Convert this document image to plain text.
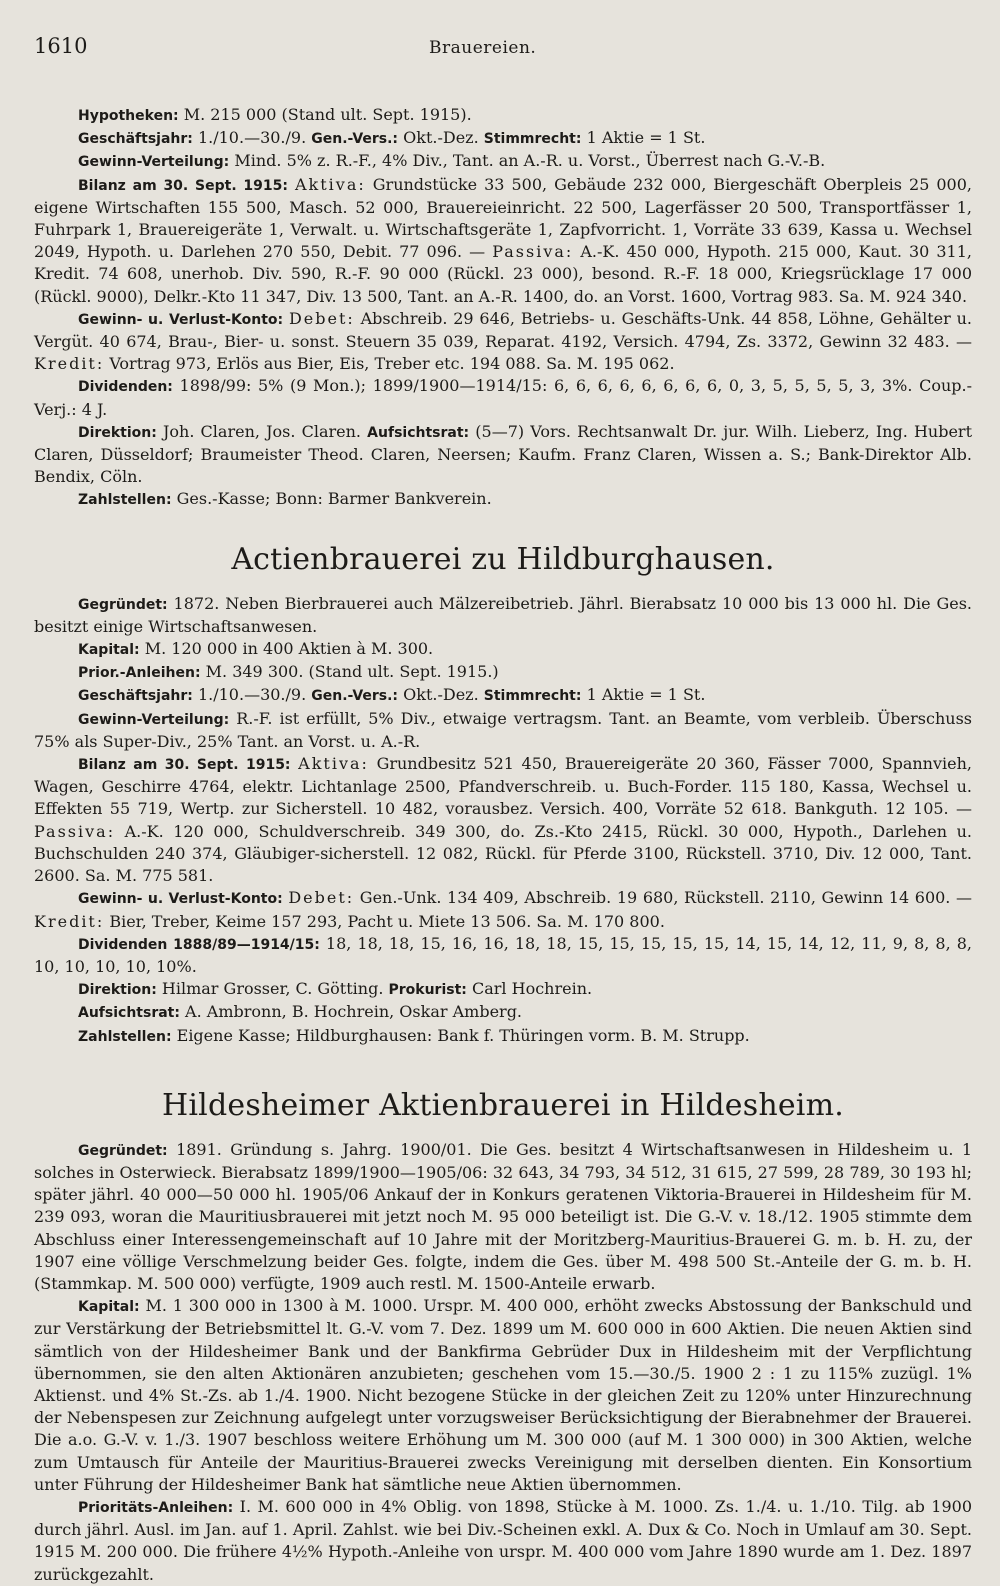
1610	Brauereien.

Hypotheken: M. 215 000 (Stand ult. Sept. 1915).

Geschäftsjahr: 1./10.—30./9. Gen.-Vers.: Okt.-Dez. Stimmrecht: 1 Aktie = 1 St.

Gewinn-Verteilung: Mind. 5% z. R.-F., 4% Div., Tant. an A.-R. u. Vorst., Überrest nach G.-V.-B.

Bilanz am 30. Sept. 1915: Aktiva: Grundstücke 33 500, Gebäude 232 000, Biergeschäft Oberpleis 25 000, eigene Wirtschaften 155 500, Masch. 52 000, Brauereieinricht. 22 500, Lagerfässer 20 500, Transportfässer 1, Fuhrpark 1, Brauereigeräte 1, Verwalt. u. Wirtschaftsgeräte 1, Zapfvorricht. 1, Vorräte 33 639, Kassa u. Wechsel 2049, Hypoth. u. Darlehen 270 550, Debit. 77 096. — Passiva: A.-K. 450 000, Hypoth. 215 000, Kaut. 30 311, Kredit. 74 608, unerhob. Div. 590, R.-F. 90 000 (Rückl. 23 000), besond. R.-F. 18 000, Kriegsrücklage 17 000 (Rückl. 9000), Delkr.-Kto 11 347, Div. 13 500, Tant. an A.-R. 1400, do. an Vorst. 1600, Vortrag 983. Sa. M. 924 340.

Gewinn- u. Verlust-Konto: Debet: Abschreib. 29 646, Betriebs- u. Geschäfts-Unk. 44 858, Löhne, Gehälter u. Vergüt. 40 674, Brau-, Bier- u. sonst. Steuern 35 039, Reparat. 4192, Versich. 4794, Zs. 3372, Gewinn 32 483. — Kredit: Vortrag 973, Erlös aus Bier, Eis, Treber etc. 194 088. Sa. M. 195 062.

Dividenden: 1898/99: 5% (9 Mon.); 1899/1900—1914/15: 6, 6, 6, 6, 6, 6, 6, 6, 0, 3, 5, 5, 5, 5, 3, 3%. Coup.-Verj.: 4 J.

Direktion: Joh. Claren, Jos. Claren. Aufsichtsrat: (5—7) Vors. Rechtsanwalt Dr. jur. Wilh. Lieberz, Ing. Hubert Claren, Düsseldorf; Braumeister Theod. Claren, Neersen; Kaufm. Franz Claren, Wissen a. S.; Bank-Direktor Alb. Bendix, Cöln.

Zahlstellen: Ges.-Kasse; Bonn: Barmer Bankverein.

Actienbrauerei zu Hildburghausen.

Gegründet: 1872. Neben Bierbrauerei auch Mälzereibetrieb. Jährl. Bierabsatz 10 000 bis 13 000 hl. Die Ges. besitzt einige Wirtschaftsanwesen.

Kapital: M. 120 000 in 400 Aktien à M. 300.

Prior.-Anleihen: M. 349 300. (Stand ult. Sept. 1915.)

Geschäftsjahr: 1./10.—30./9. Gen.-Vers.: Okt.-Dez. Stimmrecht: 1 Aktie = 1 St.

Gewinn-Verteilung: R.-F. ist erfüllt, 5% Div., etwaige vertragsm. Tant. an Beamte, vom verbleib. Überschuss 75% als Super-Div., 25% Tant. an Vorst. u. A.-R.

Bilanz am 30. Sept. 1915: Aktiva: Grundbesitz 521 450, Brauereigeräte 20 360, Fässer 7000, Spannvieh, Wagen, Geschirre 4764, elektr. Lichtanlage 2500, Pfandverschreib. u. Buch-Forder. 115 180, Kassa, Wechsel u. Effekten 55 719, Wertp. zur Sicherstell. 10 482, vorausbez. Versich. 400, Vorräte 52 618. Bankguth. 12 105. — Passiva: A.-K. 120 000, Schuldverschreib. 349 300, do. Zs.-Kto 2415, Rückl. 30 000, Hypoth., Darlehen u. Buchschulden 240 374, Gläubiger-sicherstell. 12 082, Rückl. für Pferde 3100, Rückstell. 3710, Div. 12 000, Tant. 2600. Sa. M. 775 581.

Gewinn- u. Verlust-Konto: Debet: Gen.-Unk. 134 409, Abschreib. 19 680, Rückstell. 2110, Gewinn 14 600. — Kredit: Bier, Treber, Keime 157 293, Pacht u. Miete 13 506. Sa. M. 170 800.

Dividenden 1888/89—1914/15: 18, 18, 18, 15, 16, 16, 18, 18, 15, 15, 15, 15, 15, 14, 15, 14, 12, 11, 9, 8, 8, 8, 10, 10, 10, 10, 10%.

Direktion: Hilmar Grosser, C. Götting. Prokurist: Carl Hochrein.

Aufsichtsrat: A. Ambronn, B. Hochrein, Oskar Amberg.

Zahlstellen: Eigene Kasse; Hildburghausen: Bank f. Thüringen vorm. B. M. Strupp.

Hildesheimer Aktienbrauerei in Hildesheim.

Gegründet: 1891. Gründung s. Jahrg. 1900/01. Die Ges. besitzt 4 Wirtschaftsanwesen in Hildesheim u. 1 solches in Osterwieck. Bierabsatz 1899/1900—1905/06: 32 643, 34 793, 34 512, 31 615, 27 599, 28 789, 30 193 hl; später jährl. 40 000—50 000 hl. 1905/06 Ankauf der in Konkurs geratenen Viktoria-Brauerei in Hildesheim für M. 239 093, woran die Mauritiusbrauerei mit jetzt noch M. 95 000 beteiligt ist. Die G.-V. v. 18./12. 1905 stimmte dem Abschluss einer Interessengemeinschaft auf 10 Jahre mit der Moritzberg-Mauritius-Brauerei G. m. b. H. zu, der 1907 eine völlige Verschmelzung beider Ges. folgte, indem die Ges. über M. 498 500 St.-Anteile der G. m. b. H. (Stammkap. M. 500 000) verfügte, 1909 auch restl. M. 1500-Anteile erwarb.

Kapital: M. 1 300 000 in 1300 à M. 1000. Urspr. M. 400 000, erhöht zwecks Abstossung der Bankschuld und zur Verstärkung der Betriebsmittel lt. G.-V. vom 7. Dez. 1899 um M. 600 000 in 600 Aktien. Die neuen Aktien sind sämtlich von der Hildesheimer Bank und der Bankfirma Gebrüder Dux in Hildesheim mit der Verpflichtung übernommen, sie den alten Aktionären anzubieten; geschehen vom 15.—30./5. 1900 2 : 1 zu 115% zuzügl. 1% Aktienst. und 4% St.-Zs. ab 1./4. 1900. Nicht bezogene Stücke in der gleichen Zeit zu 120% unter Hinzurechnung der Nebenspesen zur Zeichnung aufgelegt unter vorzugsweiser Berücksichtigung der Bierabnehmer der Brauerei. Die a.o. G.-V. v. 1./3. 1907 beschloss weitere Erhöhung um M. 300 000 (auf M. 1 300 000) in 300 Aktien, welche zum Umtausch für Anteile der Mauritius-Brauerei zwecks Vereinigung mit derselben dienten. Ein Konsortium unter Führung der Hildesheimer Bank hat sämtliche neue Aktien übernommen.

Prioritäts-Anleihen: I. M. 600 000 in 4% Oblig. von 1898, Stücke à M. 1000. Zs. 1./4. u. 1./10. Tilg. ab 1900 durch jährl. Ausl. im Jan. auf 1. April. Zahlst. wie bei Div.-Scheinen exkl. A. Dux & Co. Noch in Umlauf am 30. Sept. 1915 M. 200 000. Die frühere 4½% Hypoth.-Anleihe von urspr. M. 400 000 vom Jahre 1890 wurde am 1. Dez. 1897 zurückgezahlt.
